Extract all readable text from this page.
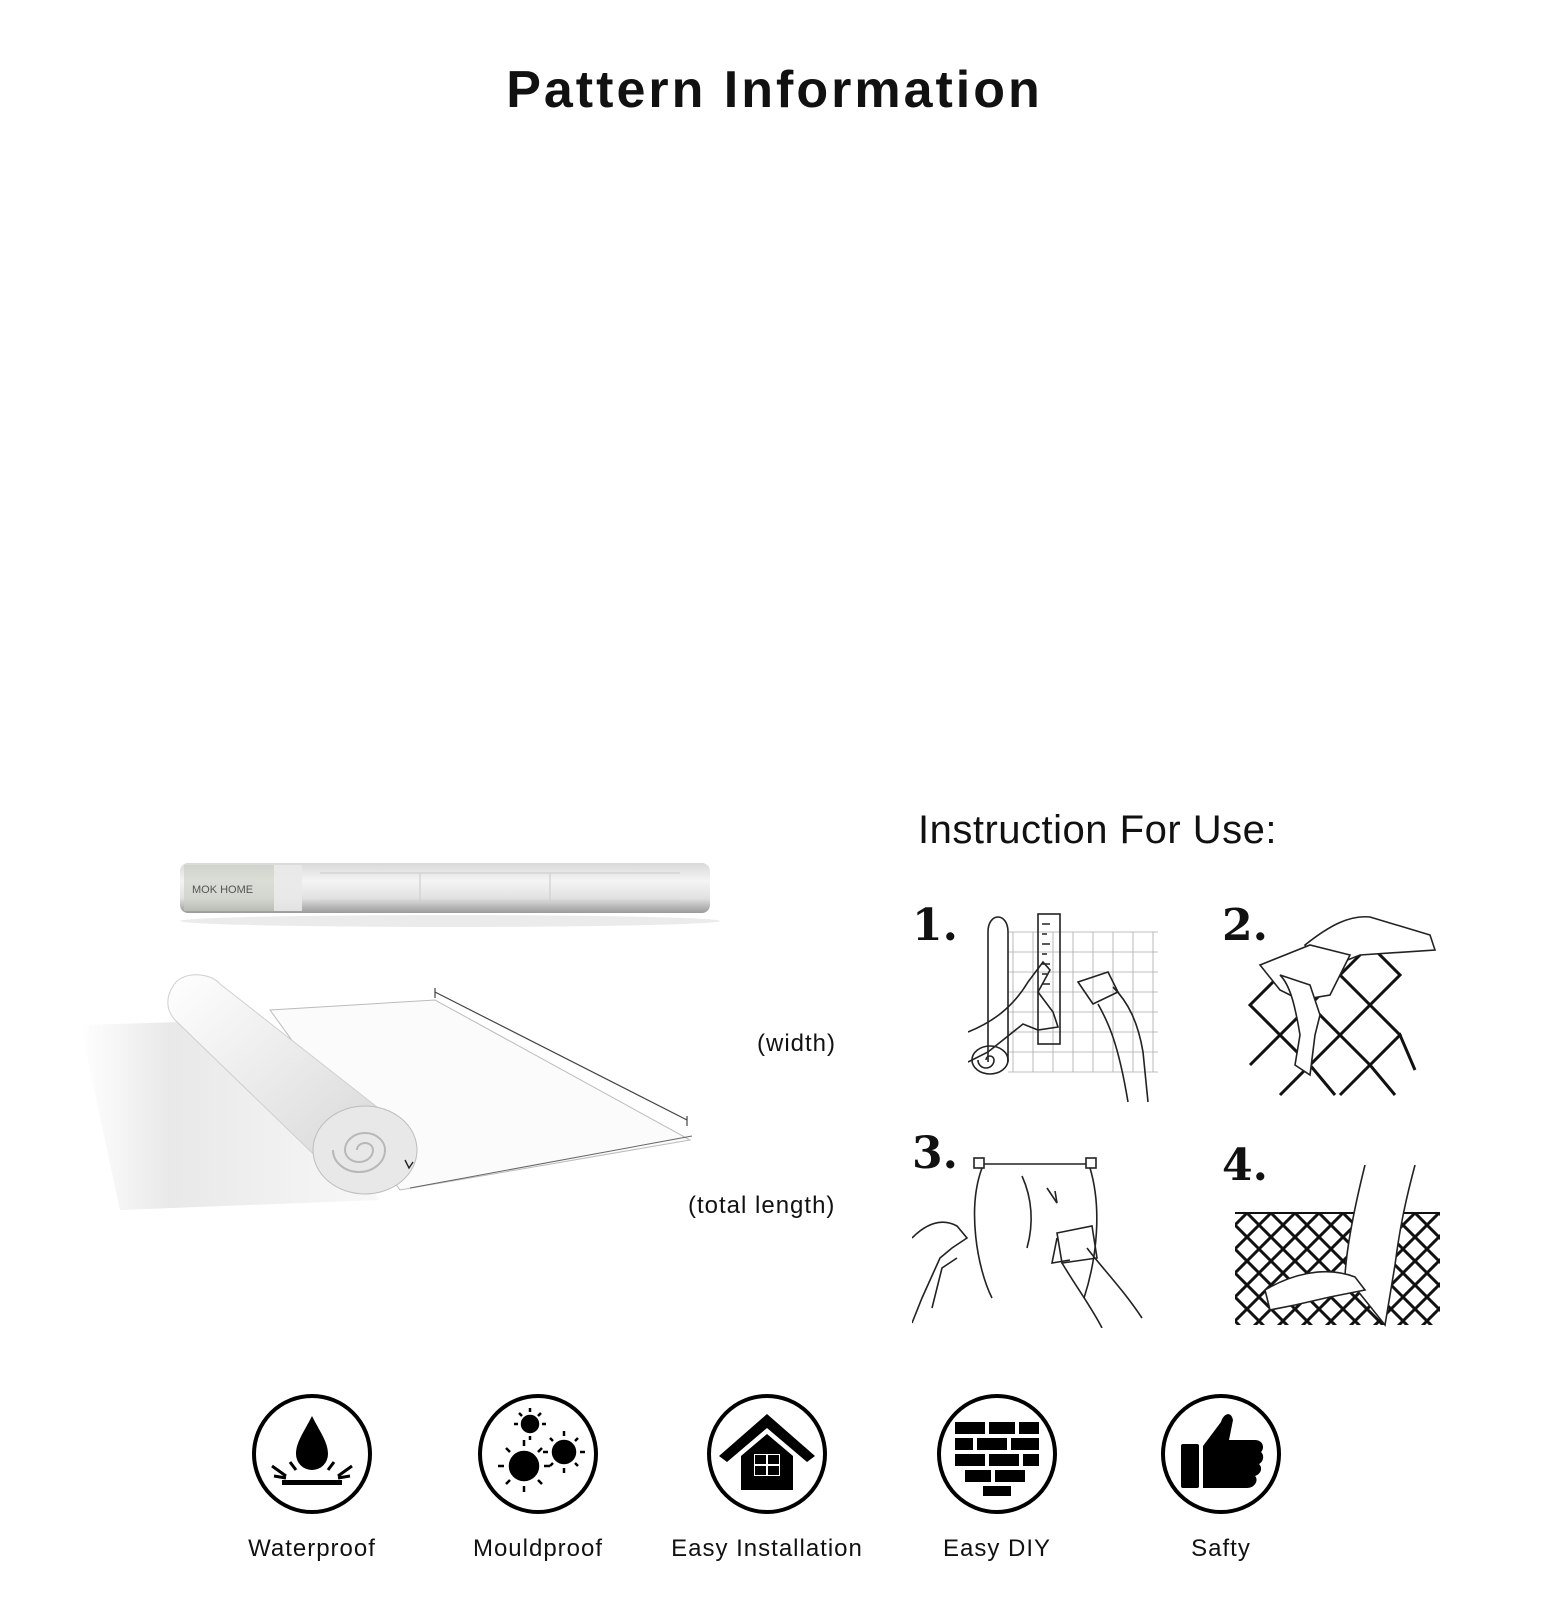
Pattern Information
MOK HOME
(width)
(total length)
Instruction For Use:
1.	2.
3.	4.
Waterproof	Mouldproof	Easy Installation	Easy DIY	Safty
